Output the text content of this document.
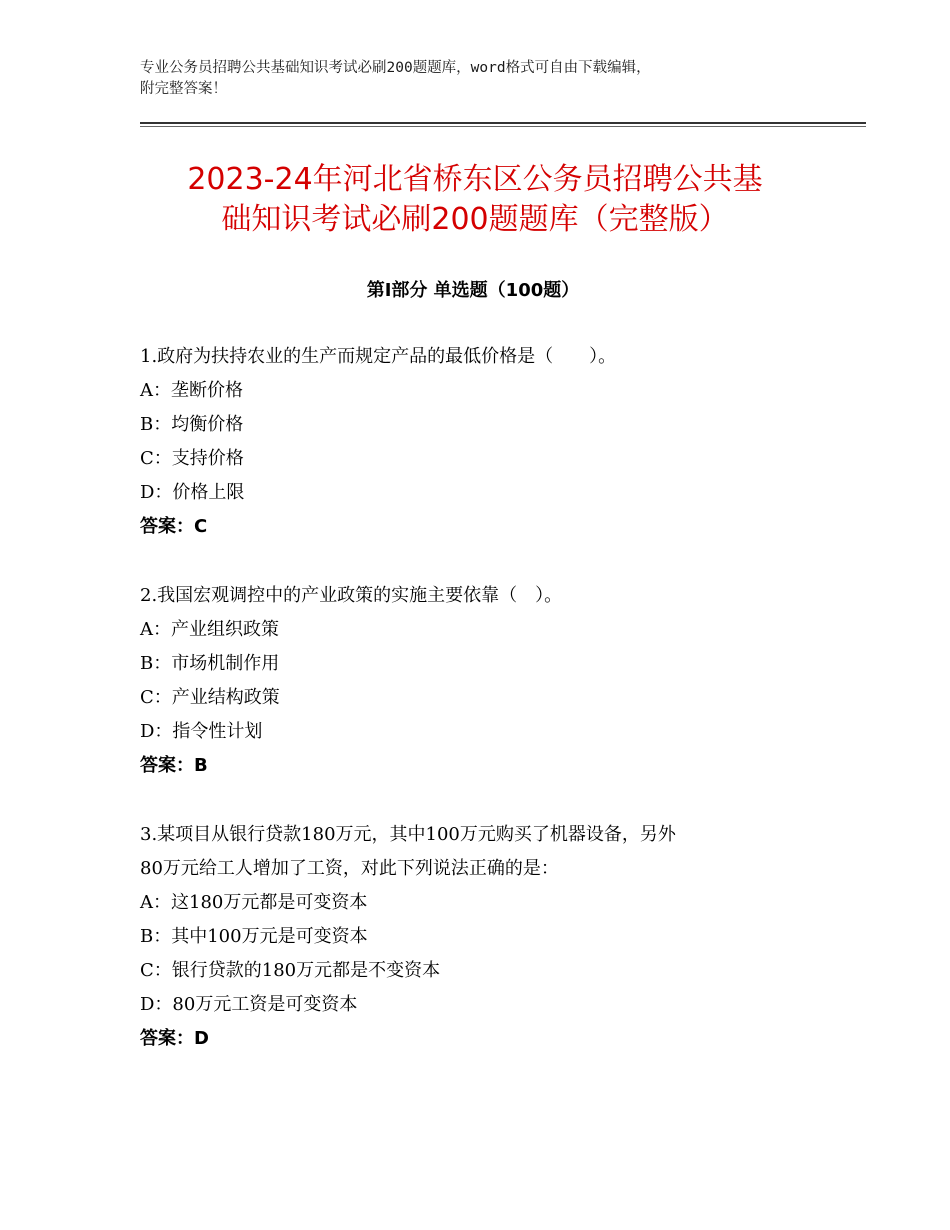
专业公务员招聘公共基础知识考试必刷200题题库，word格式可自由下载编辑，
附完整答案！
2023-24年河北省桥东区公务员招聘公共基
础知识考试必刷200题题库（完整版）
第Ⅰ部分 单选题（100题）

1.政府为扶持农业的生产而规定产品的最低价格是（　　）。

A：垄断价格

B：均衡价格

C：支持价格

D：价格上限

答案：C

2.我国宏观调控中的产业政策的实施主要依靠（　）。

A：产业组织政策

B：市场机制作用

C：产业结构政策

D：指令性计划

答案：B

3.某项目从银行贷款180万元，其中100万元购买了机器设备，另外

80万元给工人增加了工资，对此下列说法正确的是：

A：这180万元都是可变资本

B：其中100万元是可变资本

C：银行贷款的180万元都是不变资本

D：80万元工资是可变资本

答案：D
